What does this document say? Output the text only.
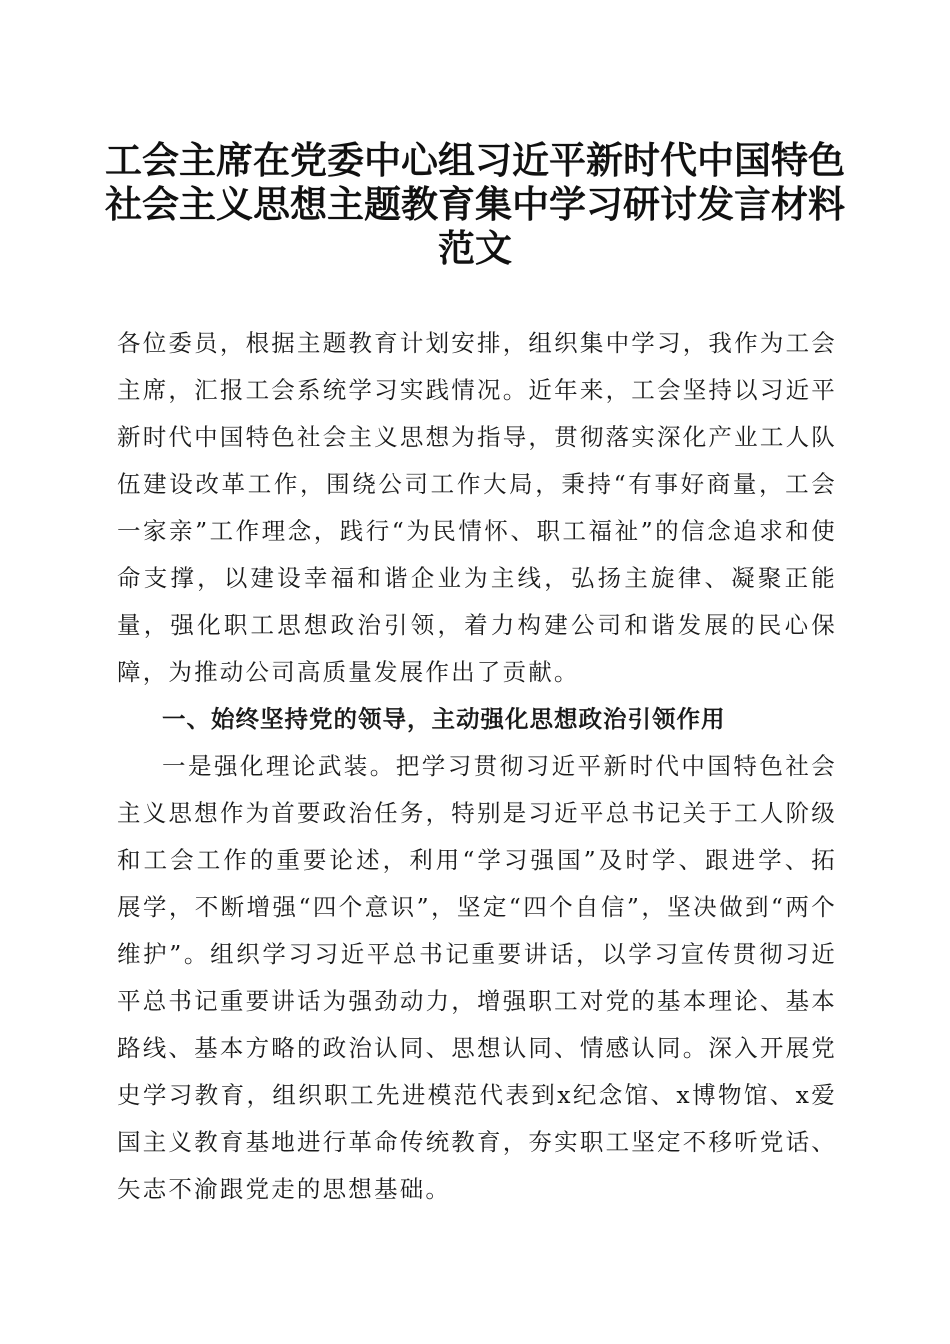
工会主席在党委中心组习近平新时代中国特色
社会主义思想主题教育集中学习研讨发言材料
范文

各位委员，根据主题教育计划安排，组织集中学习，我作为工会主席，汇报工会系统学习实践情况。近年来，工会坚持以习近平新时代中国特色社会主义思想为指导，贯彻落实深化产业工人队伍建设改革工作，围绕公司工作大局，秉持“有事好商量，工会一家亲”工作理念，践行“为民情怀、职工福祉”的信念追求和使命支撑，以建设幸福和谐企业为主线，弘扬主旋律、凝聚正能量，强化职工思想政治引领，着力构建公司和谐发展的民心保障，为推动公司高质量发展作出了贡献。

一、始终坚持党的领导，主动强化思想政治引领作用

一是强化理论武装。把学习贯彻习近平新时代中国特色社会主义思想作为首要政治任务，特别是习近平总书记关于工人阶级和工会工作的重要论述，利用“学习强国”及时学、跟进学、拓展学，不断增强“四个意识”，坚定“四个自信”，坚决做到“两个维护”。组织学习习近平总书记重要讲话，以学习宣传贯彻习近平总书记重要讲话为强劲动力，增强职工对党的基本理论、基本路线、基本方略的政治认同、思想认同、情感认同。深入开展党史学习教育，组织职工先进模范代表到x纪念馆、x博物馆、x爱国主义教育基地进行革命传统教育，夯实职工坚定不移听党话、矢志不渝跟党走的思想基础。
